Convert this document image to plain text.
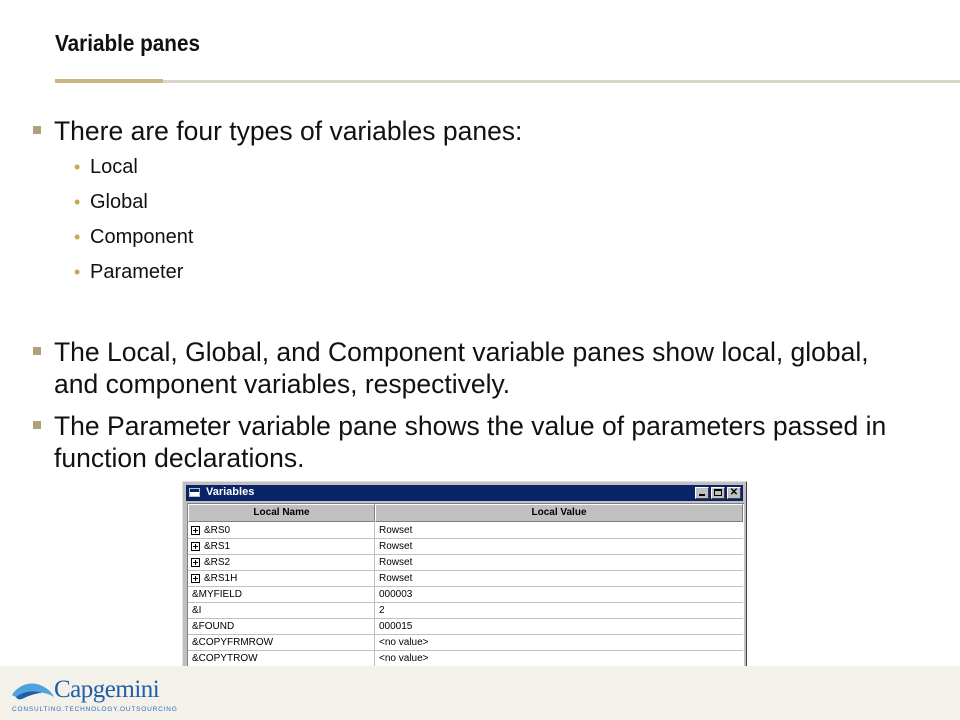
Variable panes
There are four types of variables panes:
• Local
• Global
• Component
• Parameter
The Local, Global, and Component variable panes show local, global, and component variables, respectively.
The Parameter variable pane shows the value of parameters passed in function declarations.
Variables	✕
Local Name	Local Value
&RS0	Rowset
&RS1	Rowset
&RS2	Rowset
&RS1H	Rowset
&MYFIELD	000003
&I	2
&FOUND	000015
&COPYFRMROW	<no value>
&COPYTROW	<no value>
Capgemini
CONSULTING.TECHNOLOGY.OUTSOURCING
